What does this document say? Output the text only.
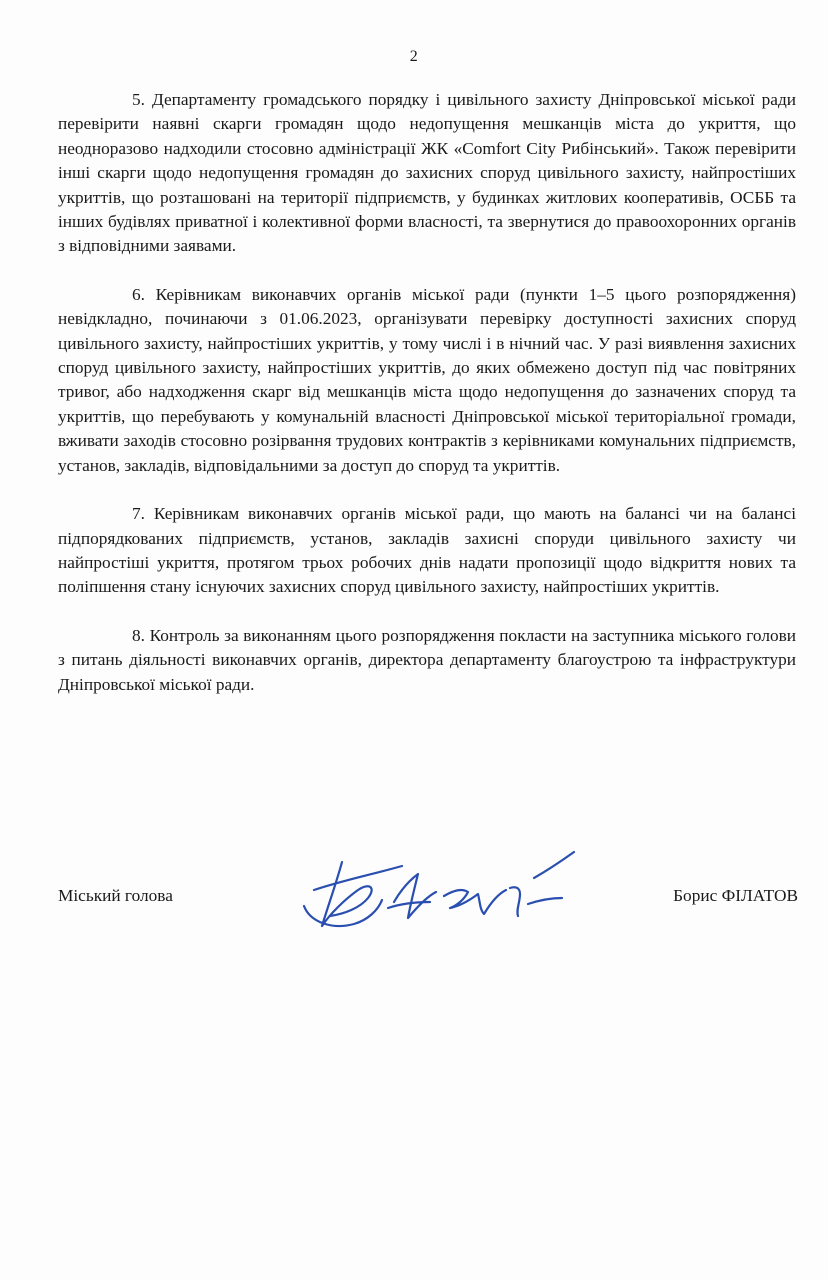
2

5. Департаменту громадського порядку і цивільного захисту Дніпровської міської ради перевірити наявні скарги громадян щодо недопущення мешканців міста до укриття, що неодноразово надходили стосовно адміністрації ЖК «Comfort City Рибінський». Також перевірити інші скарги щодо недопущення громадян до захисних споруд цивільного захисту, найпростіших укриттів, що розташовані на території підприємств, у будинках житлових кооперативів, ОСББ та інших будівлях приватної і колективної форми власності, та звернутися до правоохоронних органів з відповідними заявами.

6. Керівникам виконавчих органів міської ради (пункти 1–5 цього розпорядження) невідкладно, починаючи з 01.06.2023, організувати перевірку доступності захисних споруд цивільного захисту, найпростіших укриттів, у тому числі і в нічний час. У разі виявлення захисних споруд цивільного захисту, найпростіших укриттів, до яких обмежено доступ під час повітряних тривог, або надходження скарг від мешканців міста щодо недопущення до зазначених споруд та укриттів, що перебувають у комунальній власності Дніпровської міської територіальної громади, вживати заходів стосовно розірвання трудових контрактів з керівниками комунальних підприємств, установ, закладів, відповідальними за доступ до споруд та укриттів.

7. Керівникам виконавчих органів міської ради, що мають на балансі чи на балансі підпорядкованих підприємств, установ, закладів захисні споруди цивільного захисту чи найпростіші укриття, протягом трьох робочих днів надати пропозиції щодо відкриття нових та поліпшення стану існуючих захисних споруд цивільного захисту, найпростіших укриттів.

8. Контроль за виконанням цього розпорядження покласти на заступника міського голови з питань діяльності виконавчих органів, директора департаменту благоустрою та інфраструктури Дніпровської міської ради.

Міський голова	Борис ФІЛАТОВ
